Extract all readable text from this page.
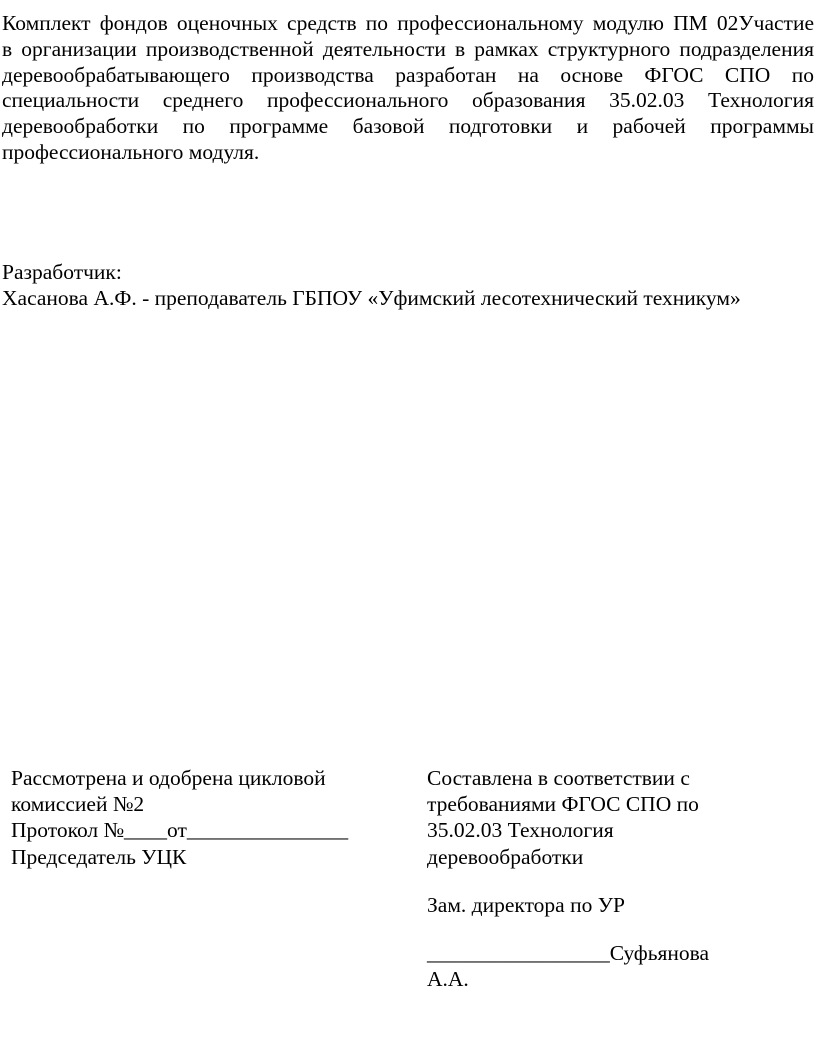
Комплект фондов оценочных средств по профессиональному модулю ПМ 02Участие
в организации производственной деятельности в рамках структурного подразделения
деревообрабатывающего производства разработан на основе ФГОС СПО по
специальности среднего профессионального образования 35.02.03 Технология
деревообработки по программе базовой подготовки и рабочей программы
профессионального модуля.
Разработчик:
Хасанова А.Ф. - преподаватель ГБПОУ «Уфимский лесотехнический техникум»
Рассмотрена и одобрена цикловой
комиссией №2
Протокол №____от_______________
Председатель УЦК
Составлена в соответствии с
требованиями ФГОС СПО по
35.02.03 Технология
деревообработки
Зам. директора по УР
_________________Суфьянова
А.А.
